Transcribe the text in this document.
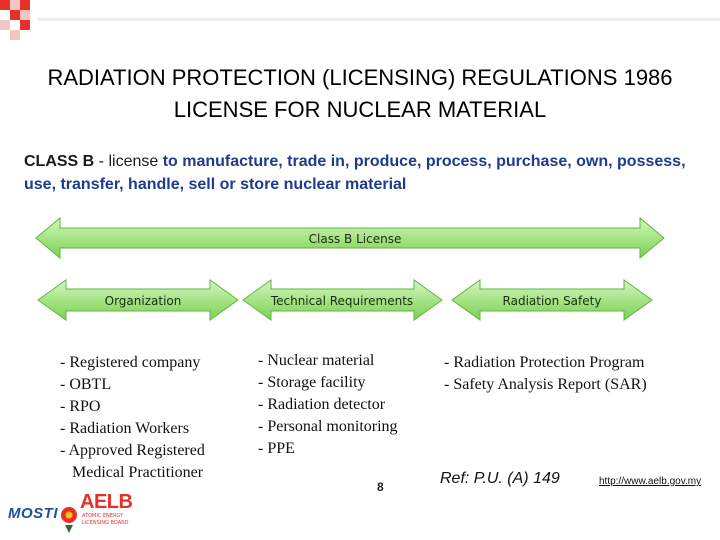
RADIATION PROTECTION (LICENSING) REGULATIONS 1986
LICENSE FOR NUCLEAR MATERIAL
CLASS B - license to manufacture, trade in, produce, process, purchase, own, possess, use, transfer, handle, sell or store nuclear material
Class B License
Organization	Technical Requirements	Radiation Safety
- Registered company
- OBTL
- RPO
- Radiation Workers
- Approved Registered
Medical Practitioner
- Nuclear material
- Storage facility
- Radiation detector
- Personal monitoring
- PPE
- Radiation Protection Program
- Safety Analysis Report (SAR)
MOSTI
AELB
ATOMIC ENERGY
LICENSING BOARD
8	Ref: P.U. (A) 149	http://www.aelb.gov.my
